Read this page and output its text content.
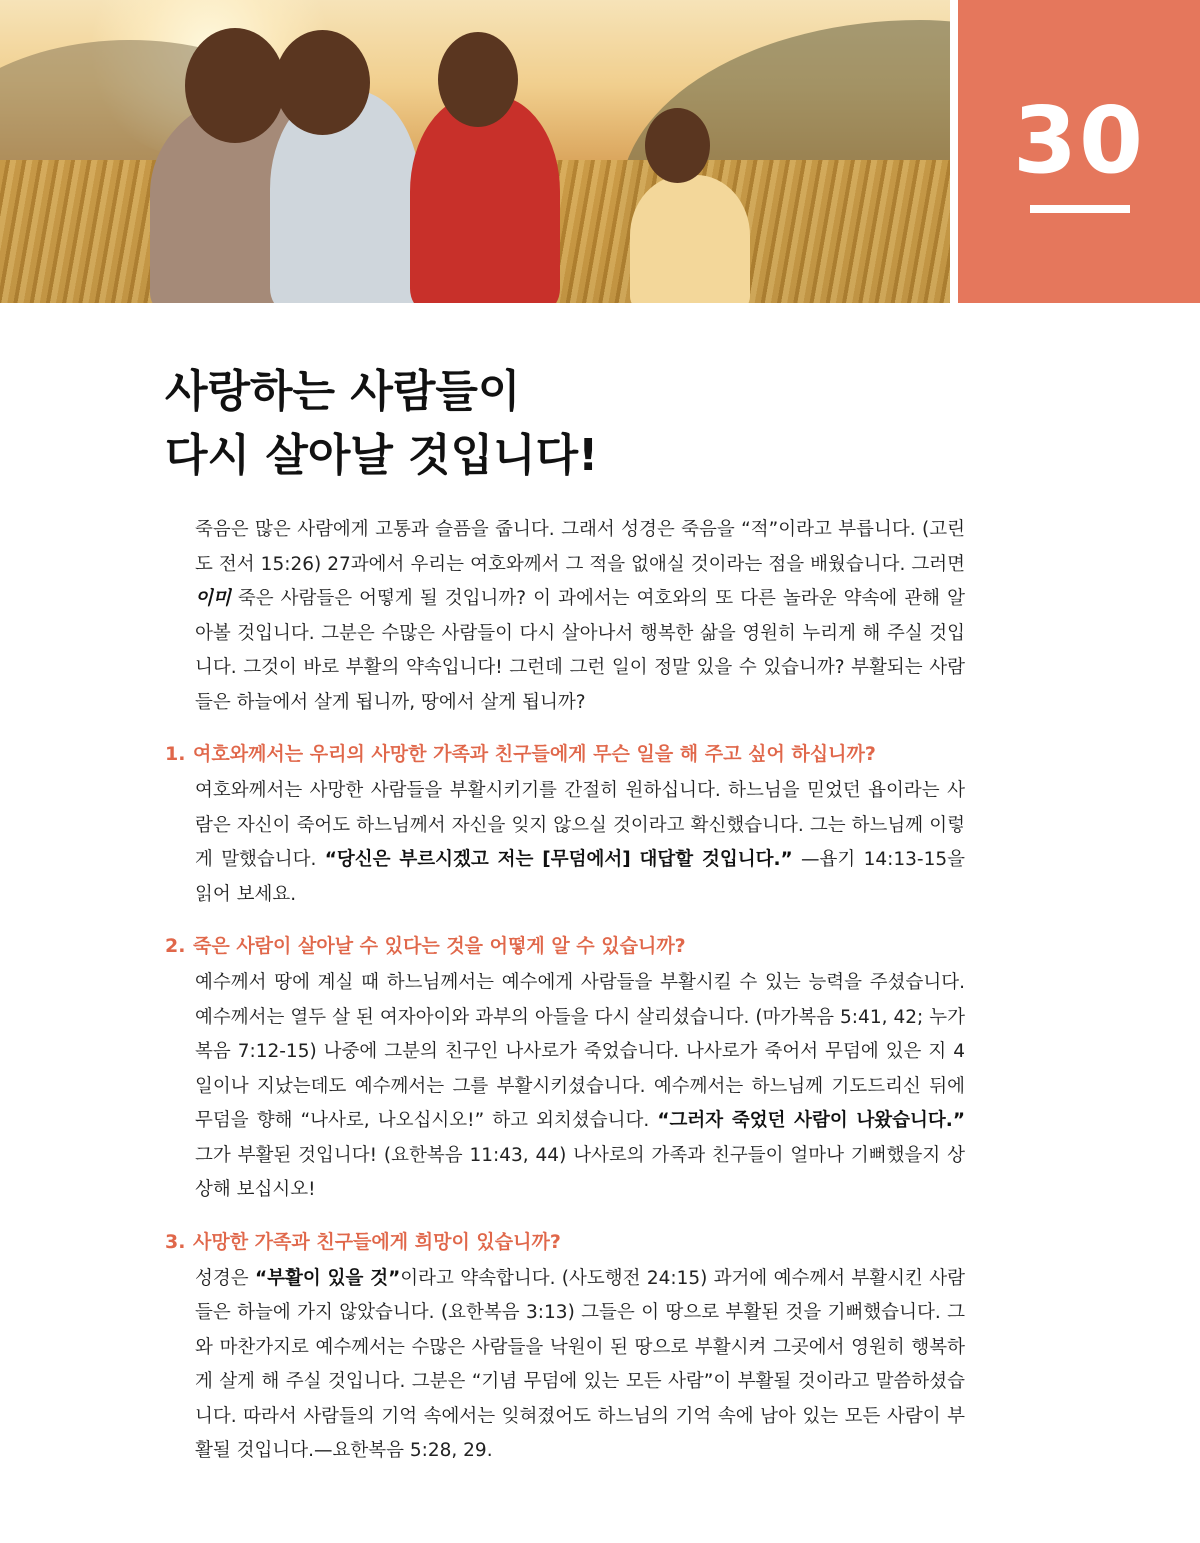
30
사랑하는 사람들이
다시 살아날 것입니다!

죽음은 많은 사람에게 고통과 슬픔을 줍니다. 그래서 성경은 죽음을 “적”이라고 부릅니다. (고린도 전서 15:26) 27과에서 우리는 여호와께서 그 적을 없애실 것이라는 점을 배웠습니다. 그러면 이미 죽은 사람들은 어떻게 될 것입니까? 이 과에서는 여호와의 또 다른 놀라운 약속에 관해 알아볼 것입니다. 그분은 수많은 사람들이 다시 살아나서 행복한 삶을 영원히 누리게 해 주실 것입니다. 그것이 바로 부활의 약속입니다! 그런데 그런 일이 정말 있을 수 있습니까? 부활되는 사람들은 하늘에서 살게 됩니까, 땅에서 살게 됩니까?

1. 여호와께서는 우리의 사망한 가족과 친구들에게 무슨 일을 해 주고 싶어 하십니까?

여호와께서는 사망한 사람들을 부활시키기를 간절히 원하십니다. 하느님을 믿었던 욥이라는 사람은 자신이 죽어도 하느님께서 자신을 잊지 않으실 것이라고 확신했습니다. 그는 하느님께 이렇게 말했습니다. “당신은 부르시겠고 저는 [무덤에서] 대답할 것입니다.” —욥기 14:13-15을 읽어 보세요.

2. 죽은 사람이 살아날 수 있다는 것을 어떻게 알 수 있습니까?

예수께서 땅에 계실 때 하느님께서는 예수에게 사람들을 부활시킬 수 있는 능력을 주셨습니다. 예수께서는 열두 살 된 여자아이와 과부의 아들을 다시 살리셨습니다. (마가복음 5:41, 42; 누가복음 7:12-15) 나중에 그분의 친구인 나사로가 죽었습니다. 나사로가 죽어서 무덤에 있은 지 4일이나 지났는데도 예수께서는 그를 부활시키셨습니다. 예수께서는 하느님께 기도드리신 뒤에 무덤을 향해 “나사로, 나오십시오!” 하고 외치셨습니다. “그러자 죽었던 사람이 나왔습니다.” 그가 부활된 것입니다! (요한복음 11:43, 44) 나사로의 가족과 친구들이 얼마나 기뻐했을지 상상해 보십시오!

3. 사망한 가족과 친구들에게 희망이 있습니까?

성경은 “부활이 있을 것”이라고 약속합니다. (사도행전 24:15) 과거에 예수께서 부활시킨 사람들은 하늘에 가지 않았습니다. (요한복음 3:13) 그들은 이 땅으로 부활된 것을 기뻐했습니다. 그와 마찬가지로 예수께서는 수많은 사람들을 낙원이 된 땅으로 부활시켜 그곳에서 영원히 행복하게 살게 해 주실 것입니다. 그분은 “기념 무덤에 있는 모든 사람”이 부활될 것이라고 말씀하셨습니다. 따라서 사람들의 기억 속에서는 잊혀졌어도 하느님의 기억 속에 남아 있는 모든 사람이 부활될 것입니다.—요한복음 5:28, 29.
